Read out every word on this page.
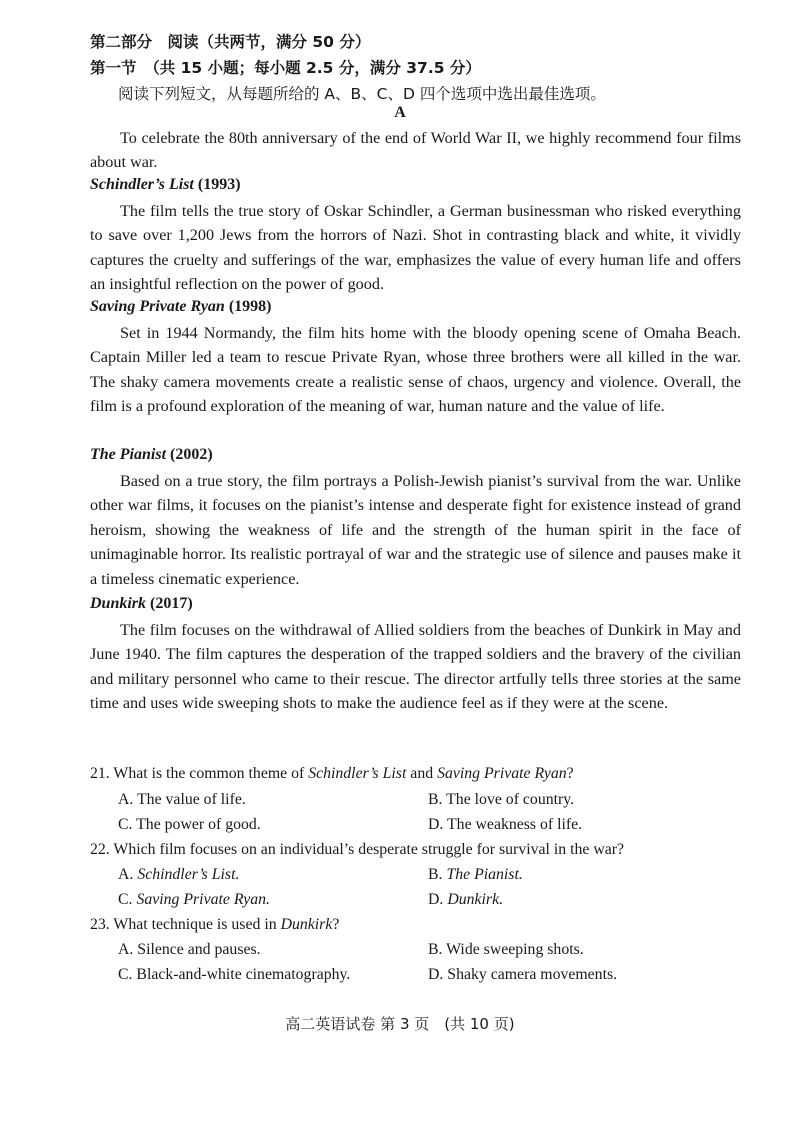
第二部分　阅读（共两节，满分 50 分）
第一节　（共 15 小题；每小题 2.5 分，满分 37.5 分）
阅读下列短文，从每题所给的 A、B、C、D 四个选项中选出最佳选项。
A

To celebrate the 80th anniversary of the end of World War II, we highly recommend four films about war.

Schindler’s List (1993)

The film tells the true story of Oskar Schindler, a German businessman who risked everything to save over 1,200 Jews from the horrors of Nazi. Shot in contrasting black and white, it vividly captures the cruelty and sufferings of the war, emphasizes the value of every human life and offers an insightful reflection on the power of good.

Saving Private Ryan (1998)

Set in 1944 Normandy, the film hits home with the bloody opening scene of Omaha Beach. Captain Miller led a team to rescue Private Ryan, whose three brothers were all killed in the war. The shaky camera movements create a realistic sense of chaos, urgency and violence. Overall, the film is a profound exploration of the meaning of war, human nature and the value of life.

The Pianist (2002)

Based on a true story, the film portrays a Polish-Jewish pianist’s survival from the war. Unlike other war films, it focuses on the pianist’s intense and desperate fight for existence instead of grand heroism, showing the weakness of life and the strength of the human spirit in the face of unimaginable horror. Its realistic portrayal of war and the strategic use of silence and pauses make it a timeless cinematic experience.

Dunkirk (2017)

The film focuses on the withdrawal of Allied soldiers from the beaches of Dunkirk in May and June 1940. The film captures the desperation of the trapped soldiers and the bravery of the civilian and military personnel who came to their rescue. The director artfully tells three stories at the same time and uses wide sweeping shots to make the audience feel as if they were at the scene.

21. What is the common theme of Schindler’s List and Saving Private Ryan?
A. The value of life.	B. The love of country.
C. The power of good.	D. The weakness of life.
22. Which film focuses on an individual’s desperate struggle for survival in the war?
A. Schindler’s List.	B. The Pianist.
C. Saving Private Ryan.	D. Dunkirk.
23. What technique is used in Dunkirk?
A. Silence and pauses.	B. Wide sweeping shots.
C. Black-and-white cinematography.	D. Shaky camera movements.
高二英语试卷 第 3 页　(共 10 页)
